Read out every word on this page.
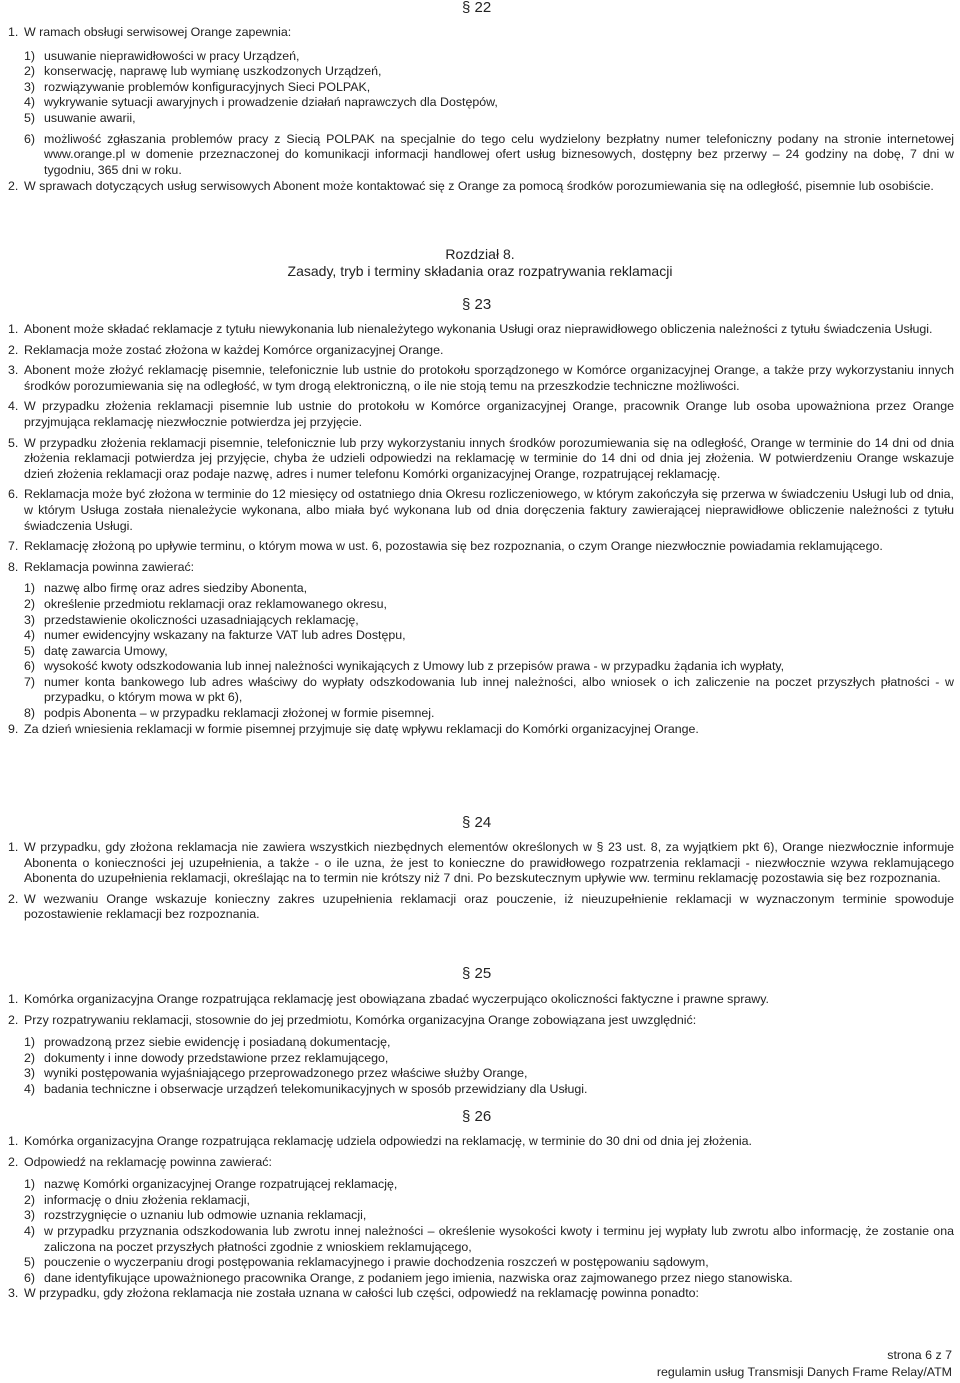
§ 22
1. W ramach obsługi serwisowej Orange zapewnia:
1) usuwanie nieprawidłowości w pracy Urządzeń,
2) konserwację, naprawę lub wymianę uszkodzonych Urządzeń,
3) rozwiązywanie problemów konfiguracyjnych Sieci POLPAK,
4) wykrywanie sytuacji awaryjnych i prowadzenie działań naprawczych dla Dostępów,
5) usuwanie awarii,
6) możliwość zgłaszania problemów pracy z Siecią POLPAK na specjalnie do tego celu wydzielony bezpłatny numer telefoniczny podany na stronie internetowej www.orange.pl w domenie przeznaczonej do komunikacji informacji handlowej ofert usług biznesowych, dostępny bez przerwy – 24 godziny na dobę, 7 dni w tygodniu, 365 dni w roku.
2. W sprawach dotyczących usług serwisowych Abonent może kontaktować się z Orange za pomocą środków porozumiewania się na odległość, pisemnie lub osobiście.
Rozdział 8.
Zasady, tryb i terminy składania oraz rozpatrywania reklamacji
§ 23
1. Abonent może składać reklamacje z tytułu niewykonania lub nienależytego wykonania Usługi oraz nieprawidłowego obliczenia należności z tytułu świadczenia Usługi.
2. Reklamacja może zostać złożona w każdej Komórce organizacyjnej Orange.
3. Abonent może złożyć reklamację pisemnie, telefonicznie lub ustnie do protokołu sporządzonego w Komórce organizacyjnej Orange, a także przy wykorzystaniu innych środków porozumiewania się na odległość, w tym drogą elektroniczną, o ile nie stoją temu na przeszkodzie techniczne możliwości.
4. W przypadku złożenia reklamacji pisemnie lub ustnie do protokołu w Komórce organizacyjnej Orange, pracownik Orange lub osoba upoważniona przez Orange przyjmująca reklamację niezwłocznie potwierdza jej przyjęcie.
5. W przypadku złożenia reklamacji pisemnie, telefonicznie lub przy wykorzystaniu innych środków porozumiewania się na odległość, Orange w terminie do 14 dni od dnia złożenia reklamacji potwierdza jej przyjęcie, chyba że udzieli odpowiedzi na reklamację w terminie do 14 dni od dnia jej złożenia. W potwierdzeniu Orange wskazuje dzień złożenia reklamacji oraz podaje nazwę, adres i numer telefonu Komórki organizacyjnej Orange, rozpatrującej reklamację.
6. Reklamacja może być złożona w terminie do 12 miesięcy od ostatniego dnia Okresu rozliczeniowego, w którym zakończyła się przerwa w świadczeniu Usługi lub od dnia, w którym Usługa została nienależycie wykonana, albo miała być wykonana lub od dnia doręczenia faktury zawierającej nieprawidłowe obliczenie należności z tytułu świadczenia Usługi.
7. Reklamację złożoną po upływie terminu, o którym mowa w ust. 6, pozostawia się bez rozpoznania, o czym Orange niezwłocznie powiadamia reklamującego.
8. Reklamacja powinna zawierać:
1) nazwę albo firmę oraz adres siedziby Abonenta,
2) określenie przedmiotu reklamacji oraz reklamowanego okresu,
3) przedstawienie okoliczności uzasadniających reklamację,
4) numer ewidencyjny wskazany na fakturze VAT lub adres Dostępu,
5) datę zawarcia Umowy,
6) wysokość kwoty odszkodowania lub innej należności wynikających z Umowy lub z przepisów prawa - w przypadku żądania ich wypłaty,
7) numer konta bankowego lub adres właściwy do wypłaty odszkodowania lub innej należności, albo wniosek o ich zaliczenie na poczet przyszłych płatności - w przypadku, o którym mowa w pkt 6),
8) podpis Abonenta – w przypadku reklamacji złożonej w formie pisemnej.
9. Za dzień wniesienia reklamacji w formie pisemnej przyjmuje się datę wpływu reklamacji do Komórki organizacyjnej Orange.
§ 24
1. W przypadku, gdy złożona reklamacja nie zawiera wszystkich niezbędnych elementów określonych w § 23 ust. 8, za wyjątkiem pkt 6), Orange niezwłocznie informuje Abonenta o konieczności jej uzupełnienia, a także - o ile uzna, że jest to konieczne do prawidłowego rozpatrzenia reklamacji - niezwłocznie wzywa reklamującego Abonenta do uzupełnienia reklamacji, określając na to termin nie krótszy niż 7 dni. Po bezskutecznym upływie ww. terminu reklamację pozostawia się bez rozpoznania.
2. W wezwaniu Orange wskazuje konieczny zakres uzupełnienia reklamacji oraz pouczenie, iż nieuzupełnienie reklamacji w wyznaczonym terminie spowoduje pozostawienie reklamacji bez rozpoznania.
§ 25
1. Komórka organizacyjna Orange rozpatrująca reklamację jest obowiązana zbadać wyczerpująco okoliczności faktyczne i prawne sprawy.
2. Przy rozpatrywaniu reklamacji, stosownie do jej przedmiotu, Komórka organizacyjna Orange zobowiązana jest uwzględnić:
1) prowadzoną przez siebie ewidencję i posiadaną dokumentację,
2) dokumenty i inne dowody przedstawione przez reklamującego,
3) wyniki postępowania wyjaśniającego przeprowadzonego przez właściwe służby Orange,
4) badania techniczne i obserwacje urządzeń telekomunikacyjnych w sposób przewidziany dla Usługi.
§ 26
1. Komórka organizacyjna Orange rozpatrująca reklamację udziela odpowiedzi na reklamację, w terminie do 30 dni od dnia jej złożenia.
2. Odpowiedź na reklamację powinna zawierać:
1) nazwę Komórki organizacyjnej Orange rozpatrującej reklamację,
2) informację o dniu złożenia reklamacji,
3) rozstrzygnięcie o uznaniu lub odmowie uznania reklamacji,
4) w przypadku przyznania odszkodowania lub zwrotu innej należności – określenie wysokości kwoty i terminu jej wypłaty lub zwrotu albo informację, że zostanie ona zaliczona na poczet przyszłych płatności zgodnie z wnioskiem reklamującego,
5) pouczenie o wyczerpaniu drogi postępowania reklamacyjnego i prawie dochodzenia roszczeń w postępowaniu sądowym,
6) dane identyfikujące upoważnionego pracownika Orange, z podaniem jego imienia, nazwiska oraz zajmowanego przez niego stanowiska.
3. W przypadku, gdy złożona reklamacja nie została uznana w całości lub części, odpowiedź na reklamację powinna ponadto:
strona 6 z 7
regulamin usług Transmisji Danych Frame Relay/ATM
